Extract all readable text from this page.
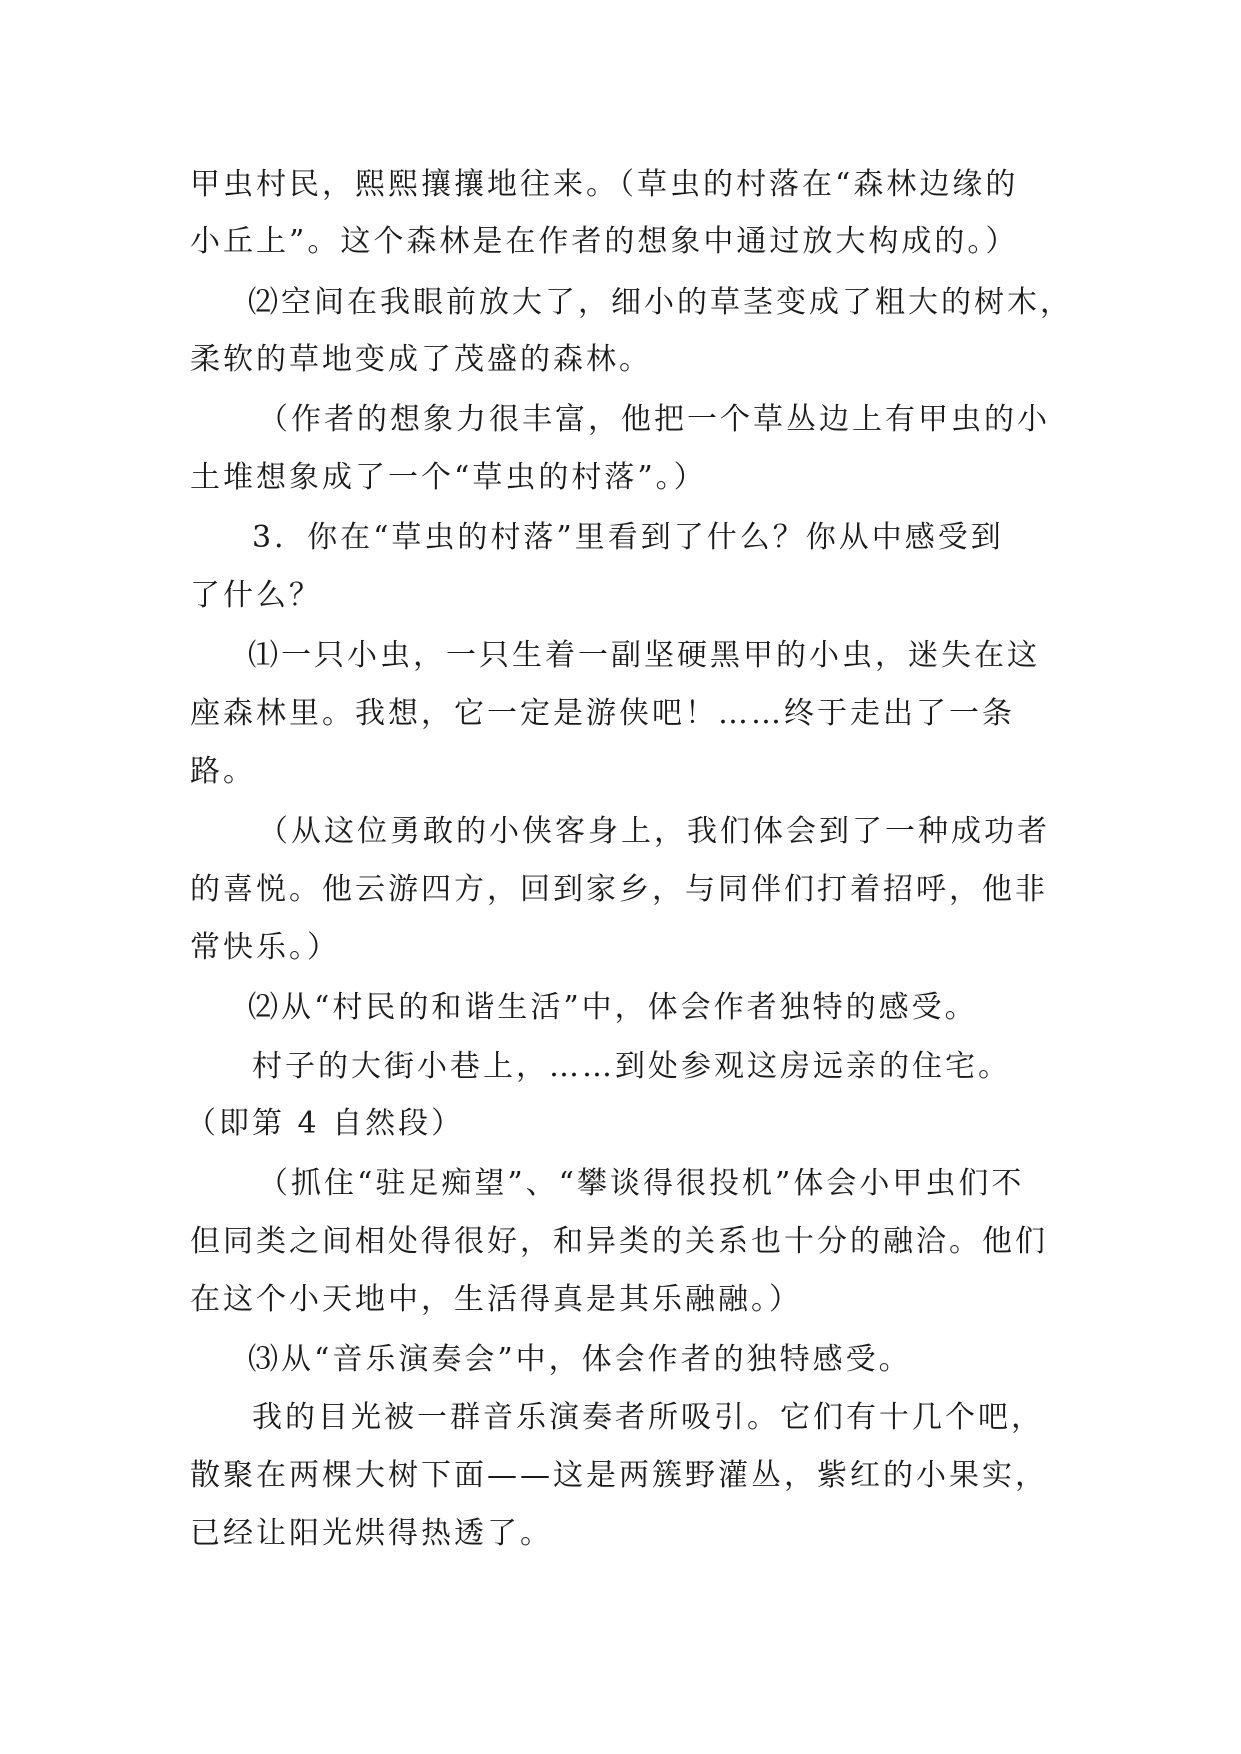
甲虫村民，熙熙攘攘地往来。（草虫的村落在“森林边缘的
小丘上”。这个森林是在作者的想象中通过放大构成的。）
⑵空间在我眼前放大了，细小的草茎变成了粗大的树木，
柔软的草地变成了茂盛的森林。
（作者的想象力很丰富，他把一个草丛边上有甲虫的小
土堆想象成了一个“草虫的村落”。）
3．你在“草虫的村落”里看到了什么？你从中感受到
了什么？
⑴一只小虫，一只生着一副坚硬黑甲的小虫，迷失在这
座森林里。我想，它一定是游侠吧！……终于走出了一条
路。
（从这位勇敢的小侠客身上，我们体会到了一种成功者
的喜悦。他云游四方，回到家乡，与同伴们打着招呼，他非
常快乐。）
⑵从“村民的和谐生活”中，体会作者独特的感受。
村子的大街小巷上，……到处参观这房远亲的住宅。
（即第 4 自然段）
（抓住“驻足痴望”、“攀谈得很投机”体会小甲虫们不
但同类之间相处得很好，和异类的关系也十分的融洽。他们
在这个小天地中，生活得真是其乐融融。）
⑶从“音乐演奏会”中，体会作者的独特感受。
我的目光被一群音乐演奏者所吸引。它们有十几个吧，
散聚在两棵大树下面——这是两簇野灌丛，紫红的小果实，
已经让阳光烘得热透了。
